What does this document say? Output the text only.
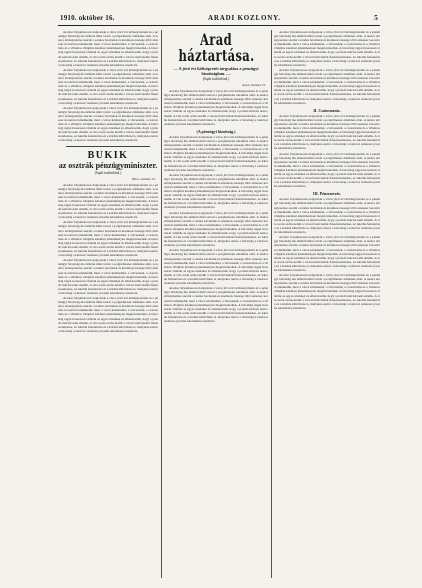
1910. október 16.	ARADI KOZLONY.	5

Aradon folyamatosan dolgoznak a város jövő évi költségvetésén és a pénzügyi bizottság ma délután ülést tartott a polgármester elnöklete alatt. A tanács előterjesztése szerint a rendes bevételek és kiadások összege több százezer koronával emelkedik, mert a város közüzemei, a vízvezeték, a csatornázás és a villamos világítás kiadásai jelentékenyen megnövekedtek. A bizottság tagjai hosszasan vitatták az egyes tételeket és elhatározták, hogy a pótadó kulcsát nem emelik. A vita során szóba került a városi tisztviselők fizetésrendezése, az iskolák fenntartása és a kórház kibővítése is, melyekre nézve a bizottság a tanácsot részletes javaslat készítésére utasította.

Aradon folyamatosan dolgoznak a város jövő évi költségvetésén és a pénzügyi bizottság ma délután ülést tartott a polgármester elnöklete alatt. A tanács előterjesztése szerint a rendes bevételek és kiadások összege több százezer koronával emelkedik, mert a város közüzemei, a vízvezeték, a csatornázás és a villamos világítás kiadásai jelentékenyen megnövekedtek. A bizottság tagjai hosszasan vitatták az egyes tételeket és elhatározták, hogy a pótadó kulcsát nem emelik. A vita során szóba került a városi tisztviselők fizetésrendezése, az iskolák fenntartása és a kórház kibővítése is, melyekre nézve a bizottság a tanácsot részletes javaslat készítésére utasította.

Aradon folyamatosan dolgoznak a város jövő évi költségvetésén és a pénzügyi bizottság ma délután ülést tartott a polgármester elnöklete alatt. A tanács előterjesztése szerint a rendes bevételek és kiadások összege több százezer koronával emelkedik, mert a város közüzemei, a vízvezeték, a csatornázás és a villamos világítás kiadásai jelentékenyen megnövekedtek. A bizottság tagjai hosszasan vitatták az egyes tételeket és elhatározták, hogy a pótadó kulcsát nem emelik. A vita során szóba került a városi tisztviselők fizetésrendezése, az iskolák fenntartása és a kórház kibővítése is, melyekre nézve a bizottság a tanácsot részletes javaslat készítésére utasította.

BUKIK
az osztrák pénzügyminiszter.
(Saját tudósítónk.)
Bécs, október 15.

Aradon folyamatosan dolgoznak a város jövő évi költségvetésén és a pénzügyi bizottság ma délután ülést tartott a polgármester elnöklete alatt. A tanács előterjesztése szerint a rendes bevételek és kiadások összege több százezer koronával emelkedik, mert a város közüzemei, a vízvezeték, a csatornázás és a villamos világítás kiadásai jelentékenyen megnövekedtek. A bizottság tagjai hosszasan vitatták az egyes tételeket és elhatározták, hogy a pótadó kulcsát nem emelik. A vita során szóba került a városi tisztviselők fizetésrendezése, az iskolák fenntartása és a kórház kibővítése is, melyekre nézve a bizottság a tanácsot részletes javaslat készítésére utasította.

Aradon folyamatosan dolgoznak a város jövő évi költségvetésén és a pénzügyi bizottság ma délután ülést tartott a polgármester elnöklete alatt. A tanács előterjesztése szerint a rendes bevételek és kiadások összege több százezer koronával emelkedik, mert a város közüzemei, a vízvezeték, a csatornázás és a villamos világítás kiadásai jelentékenyen megnövekedtek. A bizottság tagjai hosszasan vitatták az egyes tételeket és elhatározták, hogy a pótadó kulcsát nem emelik. A vita során szóba került a városi tisztviselők fizetésrendezése, az iskolák fenntartása és a kórház kibővítése is, melyekre nézve a bizottság a tanácsot részletes javaslat készítésére utasította.

Aradon folyamatosan dolgoznak a város jövő évi költségvetésén és a pénzügyi bizottság ma délután ülést tartott a polgármester elnöklete alatt. A tanács előterjesztése szerint a rendes bevételek és kiadások összege több százezer koronával emelkedik, mert a város közüzemei, a vízvezeték, a csatornázás és a villamos világítás kiadásai jelentékenyen megnövekedtek. A bizottság tagjai hosszasan vitatták az egyes tételeket és elhatározták, hogy a pótadó kulcsát nem emelik. A vita során szóba került a városi tisztviselők fizetésrendezése, az iskolák fenntartása és a kórház kibővítése is, melyekre nézve a bizottság a tanácsot részletes javaslat készítésére utasította.

Aradon folyamatosan dolgoznak a város jövő évi költségvetésén és a pénzügyi bizottság ma délután ülést tartott a polgármester elnöklete alatt. A tanács előterjesztése szerint a rendes bevételek és kiadások összege több százezer koronával emelkedik, mert a város közüzemei, a vízvezeték, a csatornázás és a villamos világítás kiadásai jelentékenyen megnövekedtek. A bizottság tagjai hosszasan vitatták az egyes tételeket és elhatározták, hogy a pótadó kulcsát nem emelik. A vita során szóba került a városi tisztviselők fizetésrendezése, az iskolák fenntartása és a kórház kibővítése is, melyekre nézve a bizottság a tanácsot részletes javaslat készítésére utasította.

Arad háztartása.
— A jövő évi költségvetés tárgyalása a pénzügyi bizottságban. —
(Saját tudósítónk.)
Arad, október 15.

Aradon folyamatosan dolgoznak a város jövő évi költségvetésén és a pénzügyi bizottság ma délután ülést tartott a polgármester elnöklete alatt. A tanács előterjesztése szerint a rendes bevételek és kiadások összege több százezer koronával emelkedik, mert a város közüzemei, a vízvezeték, a csatornázás és a villamos világítás kiadásai jelentékenyen megnövekedtek. A bizottság tagjai hosszasan vitatták az egyes tételeket és elhatározták, hogy a pótadó kulcsát nem emelik. A vita során szóba került a városi tisztviselők fizetésrendezése, az iskolák fenntartása és a kórház kibővítése is, melyekre nézve a bizottság a tanácsot részletes javaslat készítésére utasította.

(A pénzügyi bizottság.)

Aradon folyamatosan dolgoznak a város jövő évi költségvetésén és a pénzügyi bizottság ma délután ülést tartott a polgármester elnöklete alatt. A tanács előterjesztése szerint a rendes bevételek és kiadások összege több százezer koronával emelkedik, mert a város közüzemei, a vízvezeték, a csatornázás és a villamos világítás kiadásai jelentékenyen megnövekedtek. A bizottság tagjai hosszasan vitatták az egyes tételeket és elhatározták, hogy a pótadó kulcsát nem emelik. A vita során szóba került a városi tisztviselők fizetésrendezése, az iskolák fenntartása és a kórház kibővítése is, melyekre nézve a bizottság a tanácsot részletes javaslat készítésére utasította.

Aradon folyamatosan dolgoznak a város jövő évi költségvetésén és a pénzügyi bizottság ma délután ülést tartott a polgármester elnöklete alatt. A tanács előterjesztése szerint a rendes bevételek és kiadások összege több százezer koronával emelkedik, mert a város közüzemei, a vízvezeték, a csatornázás és a villamos világítás kiadásai jelentékenyen megnövekedtek. A bizottság tagjai hosszasan vitatták az egyes tételeket és elhatározták, hogy a pótadó kulcsát nem emelik. A vita során szóba került a városi tisztviselők fizetésrendezése, az iskolák fenntartása és a kórház kibővítése is, melyekre nézve a bizottság a tanácsot részletes javaslat készítésére utasította.

Aradon folyamatosan dolgoznak a város jövő évi költségvetésén és a pénzügyi bizottság ma délután ülést tartott a polgármester elnöklete alatt. A tanács előterjesztése szerint a rendes bevételek és kiadások összege több százezer koronával emelkedik, mert a város közüzemei, a vízvezeték, a csatornázás és a villamos világítás kiadásai jelentékenyen megnövekedtek. A bizottság tagjai hosszasan vitatták az egyes tételeket és elhatározták, hogy a pótadó kulcsát nem emelik. A vita során szóba került a városi tisztviselők fizetésrendezése, az iskolák fenntartása és a kórház kibővítése is, melyekre nézve a bizottság a tanácsot részletes javaslat készítésére utasította.

Aradon folyamatosan dolgoznak a város jövő évi költségvetésén és a pénzügyi bizottság ma délután ülést tartott a polgármester elnöklete alatt. A tanács előterjesztése szerint a rendes bevételek és kiadások összege több százezer koronával emelkedik, mert a város közüzemei, a vízvezeték, a csatornázás és a villamos világítás kiadásai jelentékenyen megnövekedtek. A bizottság tagjai hosszasan vitatták az egyes tételeket és elhatározták, hogy a pótadó kulcsát nem emelik. A vita során szóba került a városi tisztviselők fizetésrendezése, az iskolák fenntartása és a kórház kibővítése is, melyekre nézve a bizottság a tanácsot részletes javaslat készítésére utasította.

Aradon folyamatosan dolgoznak a város jövő évi költségvetésén és a pénzügyi bizottság ma délután ülést tartott a polgármester elnöklete alatt. A tanács előterjesztése szerint a rendes bevételek és kiadások összege több százezer koronával emelkedik, mert a város közüzemei, a vízvezeték, a csatornázás és a villamos világítás kiadásai jelentékenyen megnövekedtek. A bizottság tagjai hosszasan vitatták az egyes tételeket és elhatározták, hogy a pótadó kulcsát nem emelik. A vita során szóba került a városi tisztviselők fizetésrendezése, az iskolák fenntartása és a kórház kibővítése is, melyekre nézve a bizottság a tanácsot részletes javaslat készítésére utasította.

Aradon folyamatosan dolgoznak a város jövő évi költségvetésén és a pénzügyi bizottság ma délután ülést tartott a polgármester elnöklete alatt. A tanács előterjesztése szerint a rendes bevételek és kiadások összege több százezer koronával emelkedik, mert a város közüzemei, a vízvezeték, a csatornázás és a villamos világítás kiadásai jelentékenyen megnövekedtek. A bizottság tagjai hosszasan vitatták az egyes tételeket és elhatározták, hogy a pótadó kulcsát nem emelik. A vita során szóba került a városi tisztviselők fizetésrendezése, az iskolák fenntartása és a kórház kibővítése is, melyekre nézve a bizottság a tanácsot részletes javaslat készítésére utasította.

Aradon folyamatosan dolgoznak a város jövő évi költségvetésén és a pénzügyi bizottság ma délután ülést tartott a polgármester elnöklete alatt. A tanács előterjesztése szerint a rendes bevételek és kiadások összege több százezer koronával emelkedik, mert a város közüzemei, a vízvezeték, a csatornázás és a villamos világítás kiadásai jelentékenyen megnövekedtek. A bizottság tagjai hosszasan vitatták az egyes tételeket és elhatározták, hogy a pótadó kulcsát nem emelik. A vita során szóba került a városi tisztviselők fizetésrendezése, az iskolák fenntartása és a kórház kibővítése is, melyekre nézve a bizottság a tanácsot részletes javaslat készítésére utasította.

II. Csatornázás.

Aradon folyamatosan dolgoznak a város jövő évi költségvetésén és a pénzügyi bizottság ma délután ülést tartott a polgármester elnöklete alatt. A tanács előterjesztése szerint a rendes bevételek és kiadások összege több százezer koronával emelkedik, mert a város közüzemei, a vízvezeték, a csatornázás és a villamos világítás kiadásai jelentékenyen megnövekedtek. A bizottság tagjai hosszasan vitatták az egyes tételeket és elhatározták, hogy a pótadó kulcsát nem emelik. A vita során szóba került a városi tisztviselők fizetésrendezése, az iskolák fenntartása és a kórház kibővítése is, melyekre nézve a bizottság a tanácsot részletes javaslat készítésére utasította.

Aradon folyamatosan dolgoznak a város jövő évi költségvetésén és a pénzügyi bizottság ma délután ülést tartott a polgármester elnöklete alatt. A tanács előterjesztése szerint a rendes bevételek és kiadások összege több százezer koronával emelkedik, mert a város közüzemei, a vízvezeték, a csatornázás és a villamos világítás kiadásai jelentékenyen megnövekedtek. A bizottság tagjai hosszasan vitatták az egyes tételeket és elhatározták, hogy a pótadó kulcsát nem emelik. A vita során szóba került a városi tisztviselők fizetésrendezése, az iskolák fenntartása és a kórház kibővítése is, melyekre nézve a bizottság a tanácsot részletes javaslat készítésére utasította.

III. Pénzszerzés.

Aradon folyamatosan dolgoznak a város jövő évi költségvetésén és a pénzügyi bizottság ma délután ülést tartott a polgármester elnöklete alatt. A tanács előterjesztése szerint a rendes bevételek és kiadások összege több százezer koronával emelkedik, mert a város közüzemei, a vízvezeték, a csatornázás és a villamos világítás kiadásai jelentékenyen megnövekedtek. A bizottság tagjai hosszasan vitatták az egyes tételeket és elhatározták, hogy a pótadó kulcsát nem emelik. A vita során szóba került a városi tisztviselők fizetésrendezése, az iskolák fenntartása és a kórház kibővítése is, melyekre nézve a bizottság a tanácsot részletes javaslat készítésére utasította.

Aradon folyamatosan dolgoznak a város jövő évi költségvetésén és a pénzügyi bizottság ma délután ülést tartott a polgármester elnöklete alatt. A tanács előterjesztése szerint a rendes bevételek és kiadások összege több százezer koronával emelkedik, mert a város közüzemei, a vízvezeték, a csatornázás és a villamos világítás kiadásai jelentékenyen megnövekedtek. A bizottság tagjai hosszasan vitatták az egyes tételeket és elhatározták, hogy a pótadó kulcsát nem emelik. A vita során szóba került a városi tisztviselők fizetésrendezése, az iskolák fenntartása és a kórház kibővítése is, melyekre nézve a bizottság a tanácsot részletes javaslat készítésére utasította.

Aradon folyamatosan dolgoznak a város jövő évi költségvetésén és a pénzügyi bizottság ma délután ülést tartott a polgármester elnöklete alatt. A tanács előterjesztése szerint a rendes bevételek és kiadások összege több százezer koronával emelkedik, mert a város közüzemei, a vízvezeték, a csatornázás és a villamos világítás kiadásai jelentékenyen megnövekedtek. A bizottság tagjai hosszasan vitatták az egyes tételeket és elhatározták, hogy a pótadó kulcsát nem emelik. A vita során szóba került a városi tisztviselők fizetésrendezése, az iskolák fenntartása és a kórház kibővítése is, melyekre nézve a bizottság a tanácsot részletes javaslat készítésére utasította.
